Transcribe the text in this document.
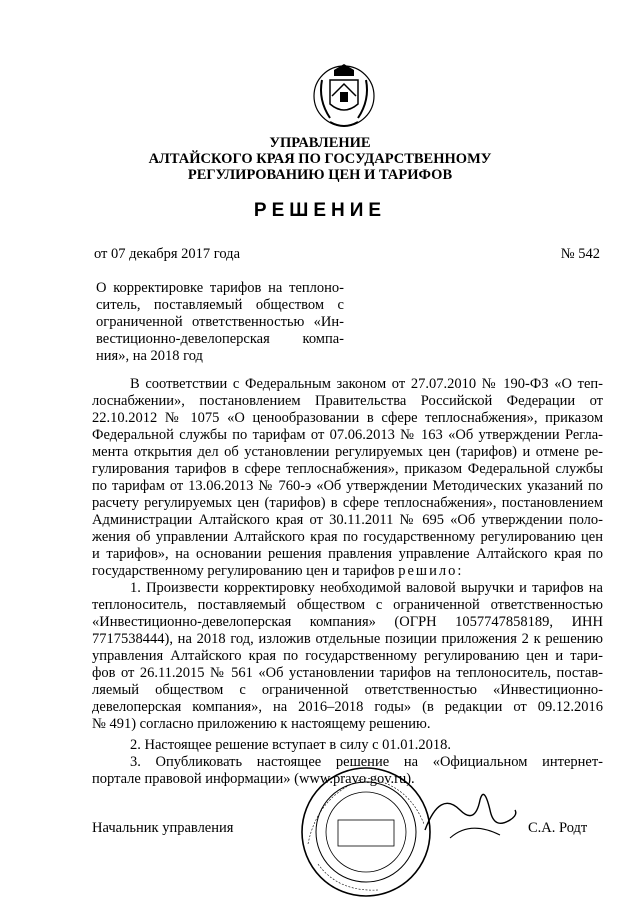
УПРАВЛЕНИЕ
АЛТАЙСКОГО КРАЯ ПО ГОСУДАРСТВЕННОМУ
РЕГУЛИРОВАНИЮ ЦЕН И ТАРИФОВ
РЕШЕНИЕ
от 07 декабря 2017 года	№ 542
О корректировке тарифов на теплоно-
ситель, поставляемый обществом с
ограниченной ответственностью «Ин-
вестиционно-девелоперская компа-
ния», на 2018 год
В соответствии с Федеральным законом от 27.07.2010 № 190-ФЗ «О теп-
лоснабжении», постановлением Правительства Российской Федерации от
22.10.2012 № 1075 «О ценообразовании в сфере теплоснабжения», приказом
Федеральной службы по тарифам от 07.06.2013 № 163 «Об утверждении Регла-
мента открытия дел об установлении регулируемых цен (тарифов) и отмене ре-
гулирования тарифов в сфере теплоснабжения», приказом Федеральной службы
по тарифам от 13.06.2013 № 760-э «Об утверждении Методических указаний по
расчету регулируемых цен (тарифов) в сфере теплоснабжения», постановлением
Администрации Алтайского края от 30.11.2011 № 695 «Об утверждении поло-
жения об управлении Алтайского края по государственному регулированию цен
и тарифов», на основании решения правления управление Алтайского края по
государственному регулированию цен и тарифов решило:
1. Произвести корректировку необходимой валовой выручки и тарифов на
теплоноситель, поставляемый обществом с ограниченной ответственностью
«Инвестиционно-девелоперская компания» (ОГРН 1057747858189, ИНН
7717538444), на 2018 год, изложив отдельные позиции приложения 2 к решению
управления Алтайского края по государственному регулированию цен и тари-
фов от 26.11.2015 № 561 «Об установлении тарифов на теплоноситель, постав-
ляемый обществом с ограниченной ответственностью «Инвестиционно-
девелоперская компания», на 2016–2018 годы» (в редакции от 09.12.2016
№ 491) согласно приложению к настоящему решению.
2. Настоящее решение вступает в силу с 01.01.2018.
3. Опубликовать настоящее решение на «Официальном интернет-
портале правовой информации» (www.pravo.gov.ru).
Начальник управления	С.А. Родт
